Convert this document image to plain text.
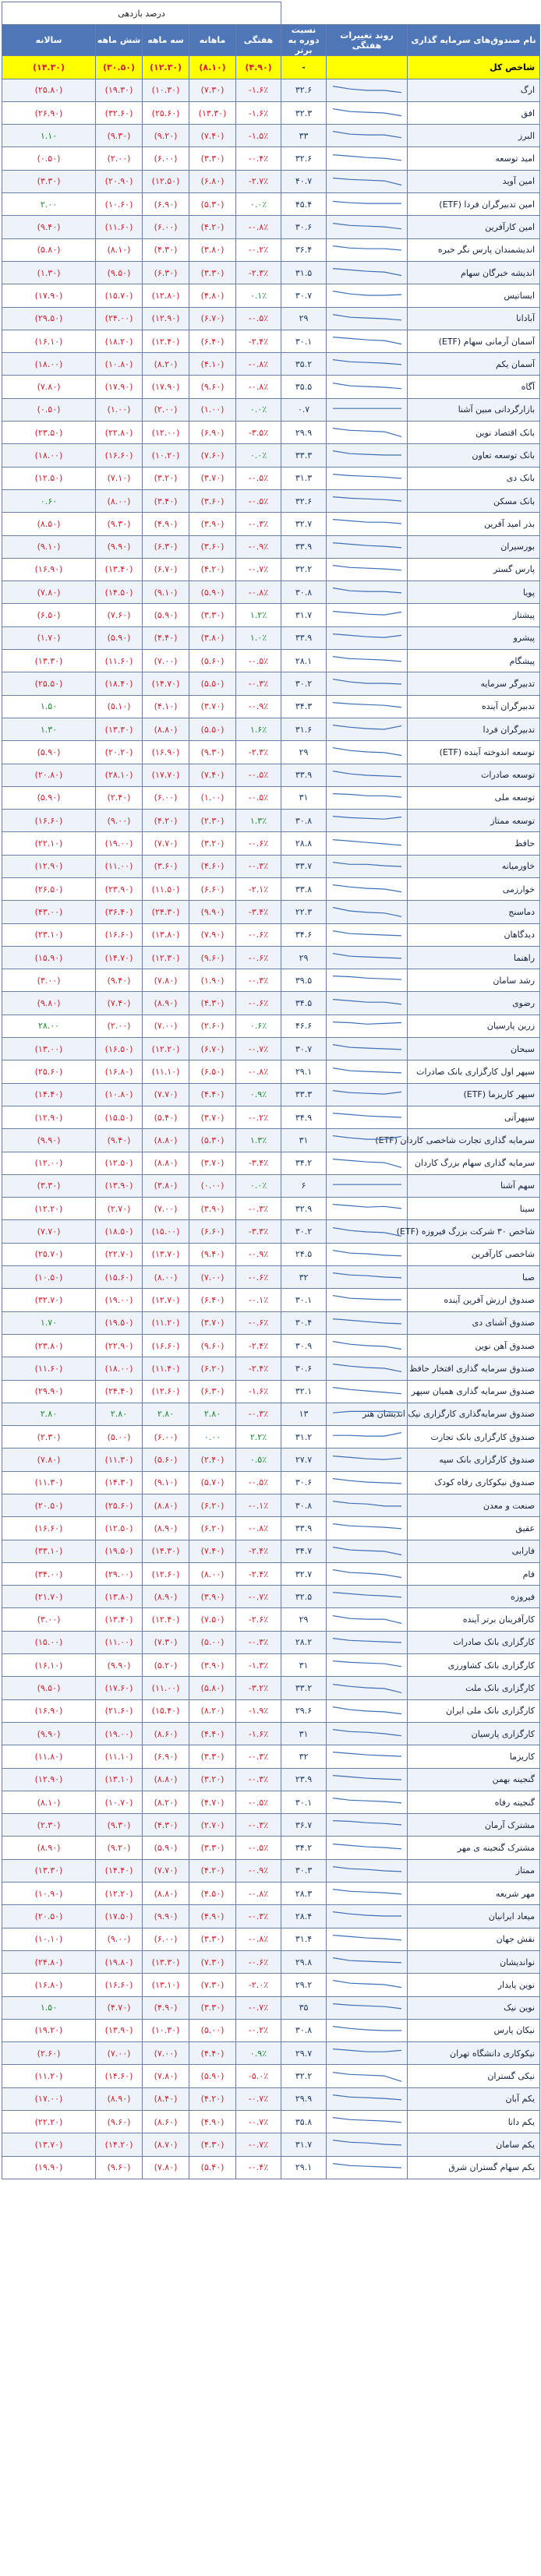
			درصد بازدهی				
نام صندوق‌های سرمایه گذاری	روند تغییرات هفتگی	نسبت دوره به برتر	هفتگی	ماهانه	سه ماهه	شش ماهه	سالانه
شاخص کل		-	(۴.۹۰)	(۸.۱۰)	(۱۲.۳۰)	(۳۰.۵۰)	(۱۴.۳۰)
ارگ		۳۲.۶	-۱.۶٪	(۷.۳۰)	(۱۰.۳۰)	(۱۹.۳۰)	(۲۵.۸۰)
افق		۳۲.۳	-۱.۶٪	(۱۳.۳۰)	(۲۵.۶۰)	(۳۲.۶۰)	(۲۶.۹۰)
البرز		۳۳	-۱.۵٪	(۷.۴۰)	(۹.۲۰)	(۹.۳۰)	۱.۱۰
امید توسعه		۳۲.۶	-۰.۴٪	(۳.۳۰)	(۶.۰۰)	(۲.۰۰)	(۰.۵۰)
امین آوید		۴۰.۷	-۲.۷٪	(۶.۸۰)	(۱۲.۵۰)	(۲۰.۹۰)	(۳.۳۰)
امین تدبیرگران فردا (ETF)		۴۵.۴	۰.۰٪	(۵.۳۰)	(۶.۹۰)	(۱۰.۶۰)	۲.۰۰
امین کارآفرین		۳۰.۶	-۰.۸٪	(۴.۲۰)	(۶.۰۰)	(۱۱.۶۰)	(۹.۴۰)
اندیشمندان پارس نگر خبره		۳۶.۴	-۰.۲٪	(۳.۸۰)	(۴.۳۰)	(۸.۱۰)	(۵.۸۰)
اندیشه خبرگان سهام		۳۱.۵	-۲.۳٪	(۳.۳۰)	(۶.۳۰)	(۹.۵۰)	(۱.۳۰)
ایساتیس		۳۰.۷	۰.۱٪	(۴.۸۰)	(۱۲.۸۰)	(۱۵.۷۰)	(۱۷.۹۰)
آبادانا		۲۹	-۰.۵٪	(۶.۷۰)	(۱۲.۹۰)	(۲۴.۰۰)	(۲۹.۵۰)
آسمان آرمانی سهام (ETF)		۳۰.۱	-۲.۴٪	(۶.۴۰)	(۱۲.۴۰)	(۱۸.۲۰)	(۱۶.۱۰)
آسمان یکم		۳۵.۲	-۰.۸٪	(۴.۱۰)	(۸.۲۰)	(۱۰.۸۰)	(۱۸.۰۰)
آگاه		۳۵.۵	-۰.۸٪	(۹.۶۰)	(۱۷.۹۰)	(۱۷.۹۰)	(۷.۸۰)
بازارگردانی مبین آشنا		۰.۷	۰.۰٪	(۱.۰۰)	(۲.۰۰)	(۱.۰۰)	(۰.۵۰)
بانک اقتصاد نوین		۲۹.۹	-۳.۵٪	(۶.۹۰)	(۱۲.۰۰)	(۲۲.۸۰)	(۲۳.۵۰)
بانک توسعه تعاون		۳۳.۳	۰.۰٪	(۷.۶۰)	(۱۰.۲۰)	(۱۶.۶۰)	(۱۸.۰۰)
بانک دی		۳۱.۳	-۰.۵٪	(۳.۷۰)	(۳.۲۰)	(۷.۱۰)	(۱۲.۵۰)
بانک مسکن		۳۲.۶	-۰.۵٪	(۳.۶۰)	(۳.۴۰)	(۸.۰۰)	۰.۶۰
بذر امید آفرین		۳۲.۷	-۰.۳٪	(۳.۹۰)	(۴.۹۰)	(۹.۳۰)	(۸.۵۰)
بورسیران		۳۳.۹	-۰.۹٪	(۳.۶۰)	(۶.۳۰)	(۹.۹۰)	(۹.۱۰)
پارس گستر		۳۲.۲	-۰.۷٪	(۴.۲۰)	(۶.۷۰)	(۱۳.۴۰)	(۱۶.۹۰)
پویا		۳۰.۸	-۰.۸٪	(۵.۹۰)	(۹.۱۰)	(۱۴.۵۰)	(۷.۸۰)
پیشتاز		۳۱.۷	۱.۲٪	(۳.۳۰)	(۵.۹۰)	(۷.۶۰)	(۶.۵۰)
پیشرو		۳۳.۹	۱.۰٪	(۳.۸۰)	(۴.۴۰)	(۵.۹۰)	(۱.۷۰)
پیشگام		۲۸.۱	-۰.۵٪	(۵.۶۰)	(۷.۰۰)	(۱۱.۶۰)	(۱۳.۳۰)
تدبیرگر سرمایه		۳۰.۲	-۰.۳٪	(۵.۵۰)	(۱۴.۷۰)	(۱۸.۴۰)	(۲۵.۵۰)
تدبیرگران آینده		۳۴.۳	-۰.۹٪	(۳.۷۰)	(۴.۱۰)	(۵.۱۰)	۱.۵۰
تدبیرگران فردا		۳۱.۶	۱.۶٪	(۵.۵۰)	(۸.۸۰)	(۱۳.۳۰)	۱.۳۰
توسعه اندوخته آینده (ETF)		۲۹	-۲.۳٪	(۹.۳۰)	(۱۶.۹۰)	(۲۰.۲۰)	(۵.۹۰)
توسعه صادرات		۳۳.۹	-۰.۵٪	(۷.۴۰)	(۱۷.۷۰)	(۲۸.۱۰)	(۲۰.۸۰)
توسعه ملی		۳۱	-۰.۵٪	(۱.۰۰)	(۶.۰۰)	(۲.۴۰)	(۵.۹۰)
توسعه ممتاز		۳۰.۸	۱.۳٪	(۲.۳۰)	(۴.۲۰)	(۹.۰۰)	(۱۶.۶۰)
حافظ		۲۸.۸	-۰.۶٪	(۳.۲۰)	(۷.۷۰)	(۱۹.۰۰)	(۲۲.۱۰)
خاورمیانه		۳۳.۷	-۰.۳٪	(۴.۶۰)	(۳.۶۰)	(۱۱.۰۰)	(۱۲.۹۰)
خوارزمی		۳۳.۸	-۲.۱٪	(۶.۶۰)	(۱۱.۵۰)	(۲۳.۹۰)	(۲۶.۵۰)
دماسنج		۲۲.۳	-۳.۴٪	(۹.۹۰)	(۲۴.۳۰)	(۳۶.۴۰)	(۴۳.۰۰)
دیدگاهان		۳۴.۶	-۰.۶٪	(۷.۹۰)	(۱۳.۸۰)	(۱۶.۶۰)	(۲۳.۱۰)
راهنما		۲۹	-۰.۶٪	(۹.۶۰)	(۱۲.۳۰)	(۱۴.۷۰)	(۱۵.۹۰)
رشد سامان		۳۹.۵	-۰.۳٪	(۱.۹۰)	(۷.۸۰)	(۹.۴۰)	(۳.۰۰)
رضوی		۳۴.۵	-۰.۶٪	(۴.۳۰)	(۸.۹۰)	(۷.۴۰)	(۹.۸۰)
زرین پارسیان		۴۶.۶	۰.۶٪	(۲.۶۰)	(۷.۰۰)	(۲.۰۰)	۲۸.۰۰
سبحان		۳۰.۷	-۰.۷٪	(۶.۷۰)	(۱۲.۲۰)	(۱۶.۵۰)	(۱۳.۰۰)
سپهر اول کارگزاری بانک صادرات		۲۹.۱	-۰.۸٪	(۶.۵۰)	(۱۱.۱۰)	(۱۶.۸۰)	(۲۵.۶۰)
سپهر کاریزما (ETF)		۳۳.۳	۰.۹٪	(۴.۴۰)	(۷.۷۰)	(۱۰.۸۰)	(۱۴.۴۰)
سپهرآتی		۳۴.۹	-۰.۲٪	(۳.۷۰)	(۵.۴۰)	(۱۵.۵۰)	(۱۲.۹۰)
سرمایه گذاری تجارت شاخصی کاردان (ETF)		۳۱	۱.۳٪	(۵.۳۰)	(۸.۸۰)	(۹.۴۰)	(۹.۹۰)
سرمایه گذاری سهام بزرگ کاردان		۳۴.۲	-۳.۴٪	(۳.۷۰)	(۸.۸۰)	(۱۲.۵۰)	(۱۲.۰۰)
سهم آشنا		۶	۰.۰٪	(۰.۰۰)	(۳.۸۰)	(۱۳.۹۰)	(۳.۳۰)
سینا		۳۲.۹	-۰.۳٪	(۳.۹۰)	(۷.۰۰)	(۲.۷۰)	(۱۲.۲۰)
شاخص ۳۰ شرکت بزرگ فیروزه (ETF)		۳۰.۲	-۳.۳٪	(۶.۶۰)	(۱۵.۰۰)	(۱۸.۵۰)	(۷.۷۰)
شاخصی کارآفرین		۲۴.۵	-۰.۹٪	(۹.۴۰)	(۱۳.۷۰)	(۲۲.۷۰)	(۲۵.۷۰)
صبا		۳۲	-۰.۶٪	(۷.۰۰)	(۸.۰۰)	(۱۵.۶۰)	(۱۰.۵۰)
صندوق ارزش آفرین آینده		۳۰.۱	-۰.۱٪	(۶.۴۰)	(۱۲.۷۰)	(۱۹.۰۰)	(۳۲.۷۰)
صندوق آشنای دی		۳۰.۴	-۰.۶٪	(۳.۷۰)	(۱۱.۲۰)	(۱۹.۵۰)	۱.۷۰
صندوق آهن نوین		۳۰.۹	-۲.۴٪	(۹.۶۰)	(۱۶.۶۰)	(۲۲.۹۰)	(۲۳.۸۰)
صندوق سرمایه گذاری افتخار حافظ		۳۰.۶	-۲.۴٪	(۶.۲۰)	(۱۱.۴۰)	(۱۸.۰۰)	(۱۱.۶۰)
صندوق سرمایه گذاری همیان سپهر		۳۲.۱	-۱.۶٪	(۶.۳۰)	(۱۲.۶۰)	(۲۴.۴۰)	(۲۹.۹۰)
صندوق سرمایه‌گذاری کارگزاری نیک اندیشان هنر		۱۳	-۰.۳٪	۲.۸۰	۲.۸۰	۲.۸۰	۲.۸۰
صندوق کارگزاری بانک تجارت		۳۱.۲	۲.۲٪	۰.۰۰	(۶.۰۰)	(۵.۰۰)	(۲.۳۰)
صندوق کارگزاری بانک سپه		۲۷.۷	۰.۵٪	(۲.۴۰)	(۵.۶۰)	(۱۱.۳۰)	(۷.۸۰)
صندوق نیکوکاری رفاه کودک		۳۰.۶	-۰.۵٪	(۵.۷۰)	(۹.۱۰)	(۱۴.۳۰)	(۱۱.۳۰)
صنعت و معدن		۳۰.۸	-۰.۱٪	(۶.۲۰)	(۸.۸۰)	(۲۵.۶۰)	(۲۰.۵۰)
عقیق		۳۳.۹	-۰.۸٪	(۶.۲۰)	(۸.۹۰)	(۱۲.۵۰)	(۱۶.۶۰)
فارابی		۳۴.۷	-۲.۴٪	(۷.۴۰)	(۱۴.۳۰)	(۱۹.۵۰)	(۳۳.۱۰)
فام		۳۲.۷	-۲.۴٪	(۸.۰۰)	(۱۲.۶۰)	(۲۹.۰۰)	(۳۴.۰۰)
فیروزه		۳۲.۵	-۰.۷٪	(۳.۹۰)	(۸.۹۰)	(۱۳.۸۰)	(۲۱.۷۰)
کارآفرینان برتر آینده		۲۹	-۲.۶٪	(۷.۵۰)	(۱۲.۴۰)	(۱۳.۴۰)	(۳.۰۰)
کارگزاری بانک صادرات		۲۸.۲	-۰.۳٪	(۵.۰۰)	(۷.۳۰)	(۱۱.۰۰)	(۱۵.۰۰)
کارگزاری بانک کشاورزی		۳۱	-۱.۳٪	(۳.۹۰)	(۵.۲۰)	(۹.۹۰)	(۱۶.۱۰)
کارگزاری بانک ملت		۳۳.۲	-۳.۲٪	(۵.۸۰)	(۱۱.۰۰)	(۱۷.۶۰)	(۹.۵۰)
کارگزاری بانک ملی ایران		۲۹.۶	-۱.۹٪	(۸.۲۰)	(۱۵.۴۰)	(۲۱.۶۰)	(۱۶.۹۰)
کارگزاری پارسیان		۳۱	-۱.۶٪	(۴.۴۰)	(۸.۶۰)	(۱۹.۰۰)	(۹.۹۰)
کاریزما		۳۲	-۰.۳٪	(۳.۳۰)	(۶.۹۰)	(۱۱.۱۰)	(۱۱.۸۰)
گنجینه بهمن		۲۳.۹	-۰.۳٪	(۳.۲۰)	(۸.۸۰)	(۱۳.۱۰)	(۱۲.۹۰)
گنجینه رفاه		۳۰.۱	-۰.۵٪	(۴.۷۰)	(۸.۲۰)	(۱۰.۷۰)	(۸.۱۰)
مشترک آرمان		۳۶.۷	-۰.۳٪	(۲.۷۰)	(۴.۳۰)	(۹.۳۰)	(۲.۳۰)
مشترک گنجینه ی مهر		۳۴.۲	-۰.۵٪	(۳.۳۰)	(۵.۹۰)	(۹.۲۰)	(۸.۹۰)
ممتاز		۳۰.۳	-۰.۹٪	(۴.۲۰)	(۷.۷۰)	(۱۴.۴۰)	(۱۳.۳۰)
مهر شریعه		۲۸.۳	-۰.۸٪	(۴.۵۰)	(۸.۸۰)	(۱۲.۲۰)	(۱۰.۹۰)
میعاد ایرانیان		۲۸.۴	-۰.۳٪	(۴.۹۰)	(۹.۹۰)	(۱۷.۵۰)	(۲۰.۵۰)
نقش جهان		۳۱.۴	-۰.۸٪	(۳.۳۰)	(۶.۰۰)	(۹.۰۰)	(۱۰.۱۰)
نواندیشان		۲۹.۸	-۰.۶٪	(۷.۳۰)	(۱۳.۳۰)	(۱۹.۸۰)	(۲۴.۸۰)
نوین پایدار		۲۹.۲	-۲.۰٪	(۷.۳۰)	(۱۳.۱۰)	(۱۶.۶۰)	(۱۶.۸۰)
نوین نیک		۳۵	-۰.۷٪	(۳.۳۰)	(۴.۹۰)	(۴.۷۰)	۱.۵۰
نیکان پارس		۳۰.۸	-۰.۲٪	(۵.۰۰)	(۱۰.۳۰)	(۱۳.۹۰)	(۱۹.۲۰)
نیکوکاری دانشگاه تهران		۲۹.۷	۰.۹٪	(۴.۴۰)	(۷.۰۰)	(۷.۰۰)	(۲.۶۰)
نیکی گستران		۳۲.۲	-۵.۰٪	(۵.۹۰)	(۷.۸۰)	(۱۴.۶۰)	(۱۱.۲۰)
یکم آبان		۲۹.۹	-۰.۷٪	(۴.۲۰)	(۸.۴۰)	(۸.۹۰)	(۱۷.۰۰)
یکم دانا		۳۵.۸	-۰.۷٪	(۴.۹۰)	(۸.۶۰)	(۹.۶۰)	(۲۲.۲۰)
یکم سامان		۳۱.۷	-۰.۷٪	(۴.۳۰)	(۸.۷۰)	(۱۴.۲۰)	(۱۳.۷۰)
یکم سهام گستران شرق		۲۹.۱	-۰.۴٪	(۵.۴۰)	(۷.۸۰)	(۹.۶۰)	(۱۹.۹۰)
